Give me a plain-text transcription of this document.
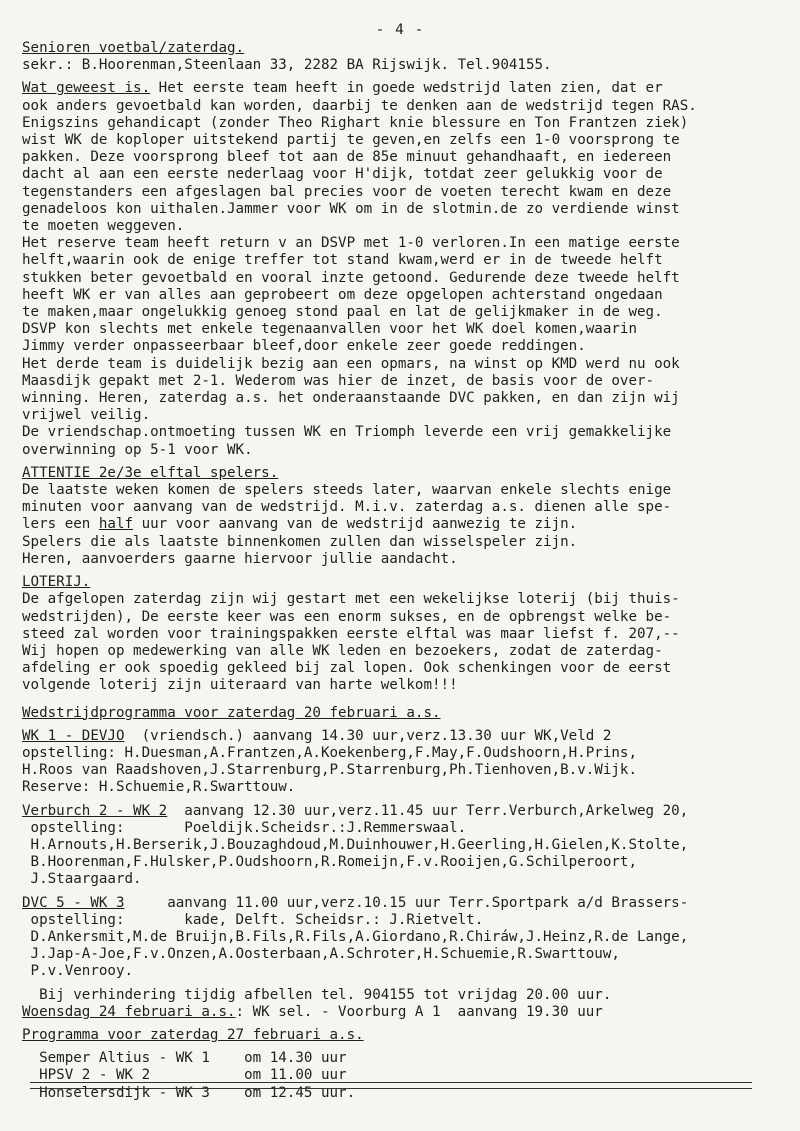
- 4 -
Senioren voetbal/zaterdag.
sekr.: B.Hoorenman,Steenlaan 33, 2282 BA Rijswijk. Tel.904155.
Wat geweest is. Het eerste team heeft in goede wedstrijd laten zien, dat er
ook anders gevoetbald kan worden, daarbij te denken aan de wedstrijd tegen RAS.
Enigszins gehandicapt (zonder Theo Righart knie blessure en Ton Frantzen ziek)
wist WK de koploper uitstekend partij te geven,en zelfs een 1-0 voorsprong te
pakken. Deze voorsprong bleef tot aan de 85e minuut gehandhaaft, en iedereen
dacht al aan een eerste nederlaag voor H'dijk, totdat zeer gelukkig voor de
tegenstanders een afgeslagen bal precies voor de voeten terecht kwam en deze
genadeloos kon uithalen.Jammer voor WK om in de slotmin.de zo verdiende winst
te moeten weggeven.
Het reserve team heeft return v an DSVP met 1-0 verloren.In een matige eerste
helft,waarin ook de enige treffer tot stand kwam,werd er in de tweede helft
stukken beter gevoetbald en vooral inzte getoond. Gedurende deze tweede helft
heeft WK er van alles aan geprobeert om deze opgelopen achterstand ongedaan
te maken,maar ongelukkig genoeg stond paal en lat de gelijkmaker in de weg.
DSVP kon slechts met enkele tegenaanvallen voor het WK doel komen,waarin
Jimmy verder onpasseerbaar bleef,door enkele zeer goede reddingen.
Het derde team is duidelijk bezig aan een opmars, na winst op KMD werd nu ook
Maasdijk gepakt met 2-1. Wederom was hier de inzet, de basis voor de over-
winning. Heren, zaterdag a.s. het onderaanstaande DVC pakken, en dan zijn wij
vrijwel veilig.
De vriendschap.ontmoeting tussen WK en Triomph leverde een vrij gemakkelijke
overwinning op 5-1 voor WK.
ATTENTIE 2e/3e elftal spelers.
De laatste weken komen de spelers steeds later, waarvan enkele slechts enige
minuten voor aanvang van de wedstrijd. M.i.v. zaterdag a.s. dienen alle spe-
lers een half uur voor aanvang van de wedstrijd aanwezig te zijn.
Spelers die als laatste binnenkomen zullen dan wisselspeler zijn.
Heren, aanvoerders gaarne hiervoor jullie aandacht.
LOTERIJ.
De afgelopen zaterdag zijn wij gestart met een wekelijkse loterij (bij thuis-
wedstrijden), De eerste keer was een enorm sukses, en de opbrengst welke be-
steed zal worden voor trainingspakken eerste elftal was maar liefst f. 207,--
Wij hopen op medewerking van alle WK leden en bezoekers, zodat de zaterdag-
afdeling er ook spoedig gekleed bij zal lopen. Ook schenkingen voor de eerst
volgende loterij zijn uiteraard van harte welkom!!!
Wedstrijdprogramma voor zaterdag 20 februari a.s.
WK 1 - DEVJO  (vriendsch.) aanvang 14.30 uur,verz.13.30 uur WK,Veld 2
opstelling: H.Duesman,A.Frantzen,A.Koekenberg,F.May,F.Oudshoorn,H.Prins,
H.Roos van Raadshoven,J.Starrenburg,P.Starrenburg,Ph.Tienhoven,B.v.Wijk.
Reserve: H.Schuemie,R.Swarttouw.
Verburch 2 - WK 2  aanvang 12.30 uur,verz.11.45 uur Terr.Verburch,Arkelweg 20,
opstelling:       Poeldijk.Scheidsr.:J.Remmerswaal.
H.Arnouts,H.Berserik,J.Bouzaghdoud,M.Duinhouwer,H.Geerling,H.Gielen,K.Stolte,
B.Hoorenman,F.Hulsker,P.Oudshoorn,R.Romeijn,F.v.Rooijen,G.Schilperoort,
J.Staargaard.
DVC 5 - WK 3     aanvang 11.00 uur,verz.10.15 uur Terr.Sportpark a/d Brassers-
opstelling:       kade, Delft. Scheidsr.: J.Rietvelt.
D.Ankersmit,M.de Bruijn,B.Fils,R.Fils,A.Giordano,R.Chiráw,J.Heinz,R.de Lange,
J.Jap-A-Joe,F.v.Onzen,A.Oosterbaan,A.Schroter,H.Schuemie,R.Swarttouw,
P.v.Venrooy.
Bij verhindering tijdig afbellen tel. 904155 tot vrijdag 20.00 uur.
Woensdag 24 februari a.s.: WK sel. - Voorburg A 1  aanvang 19.30 uur
Programma voor zaterdag 27 februari a.s.
Semper Altius - WK 1    om 14.30 uur
HPSV 2 - WK 2           om 11.00 uur
Honselersdijk - WK 3    om 12.45 uur.
